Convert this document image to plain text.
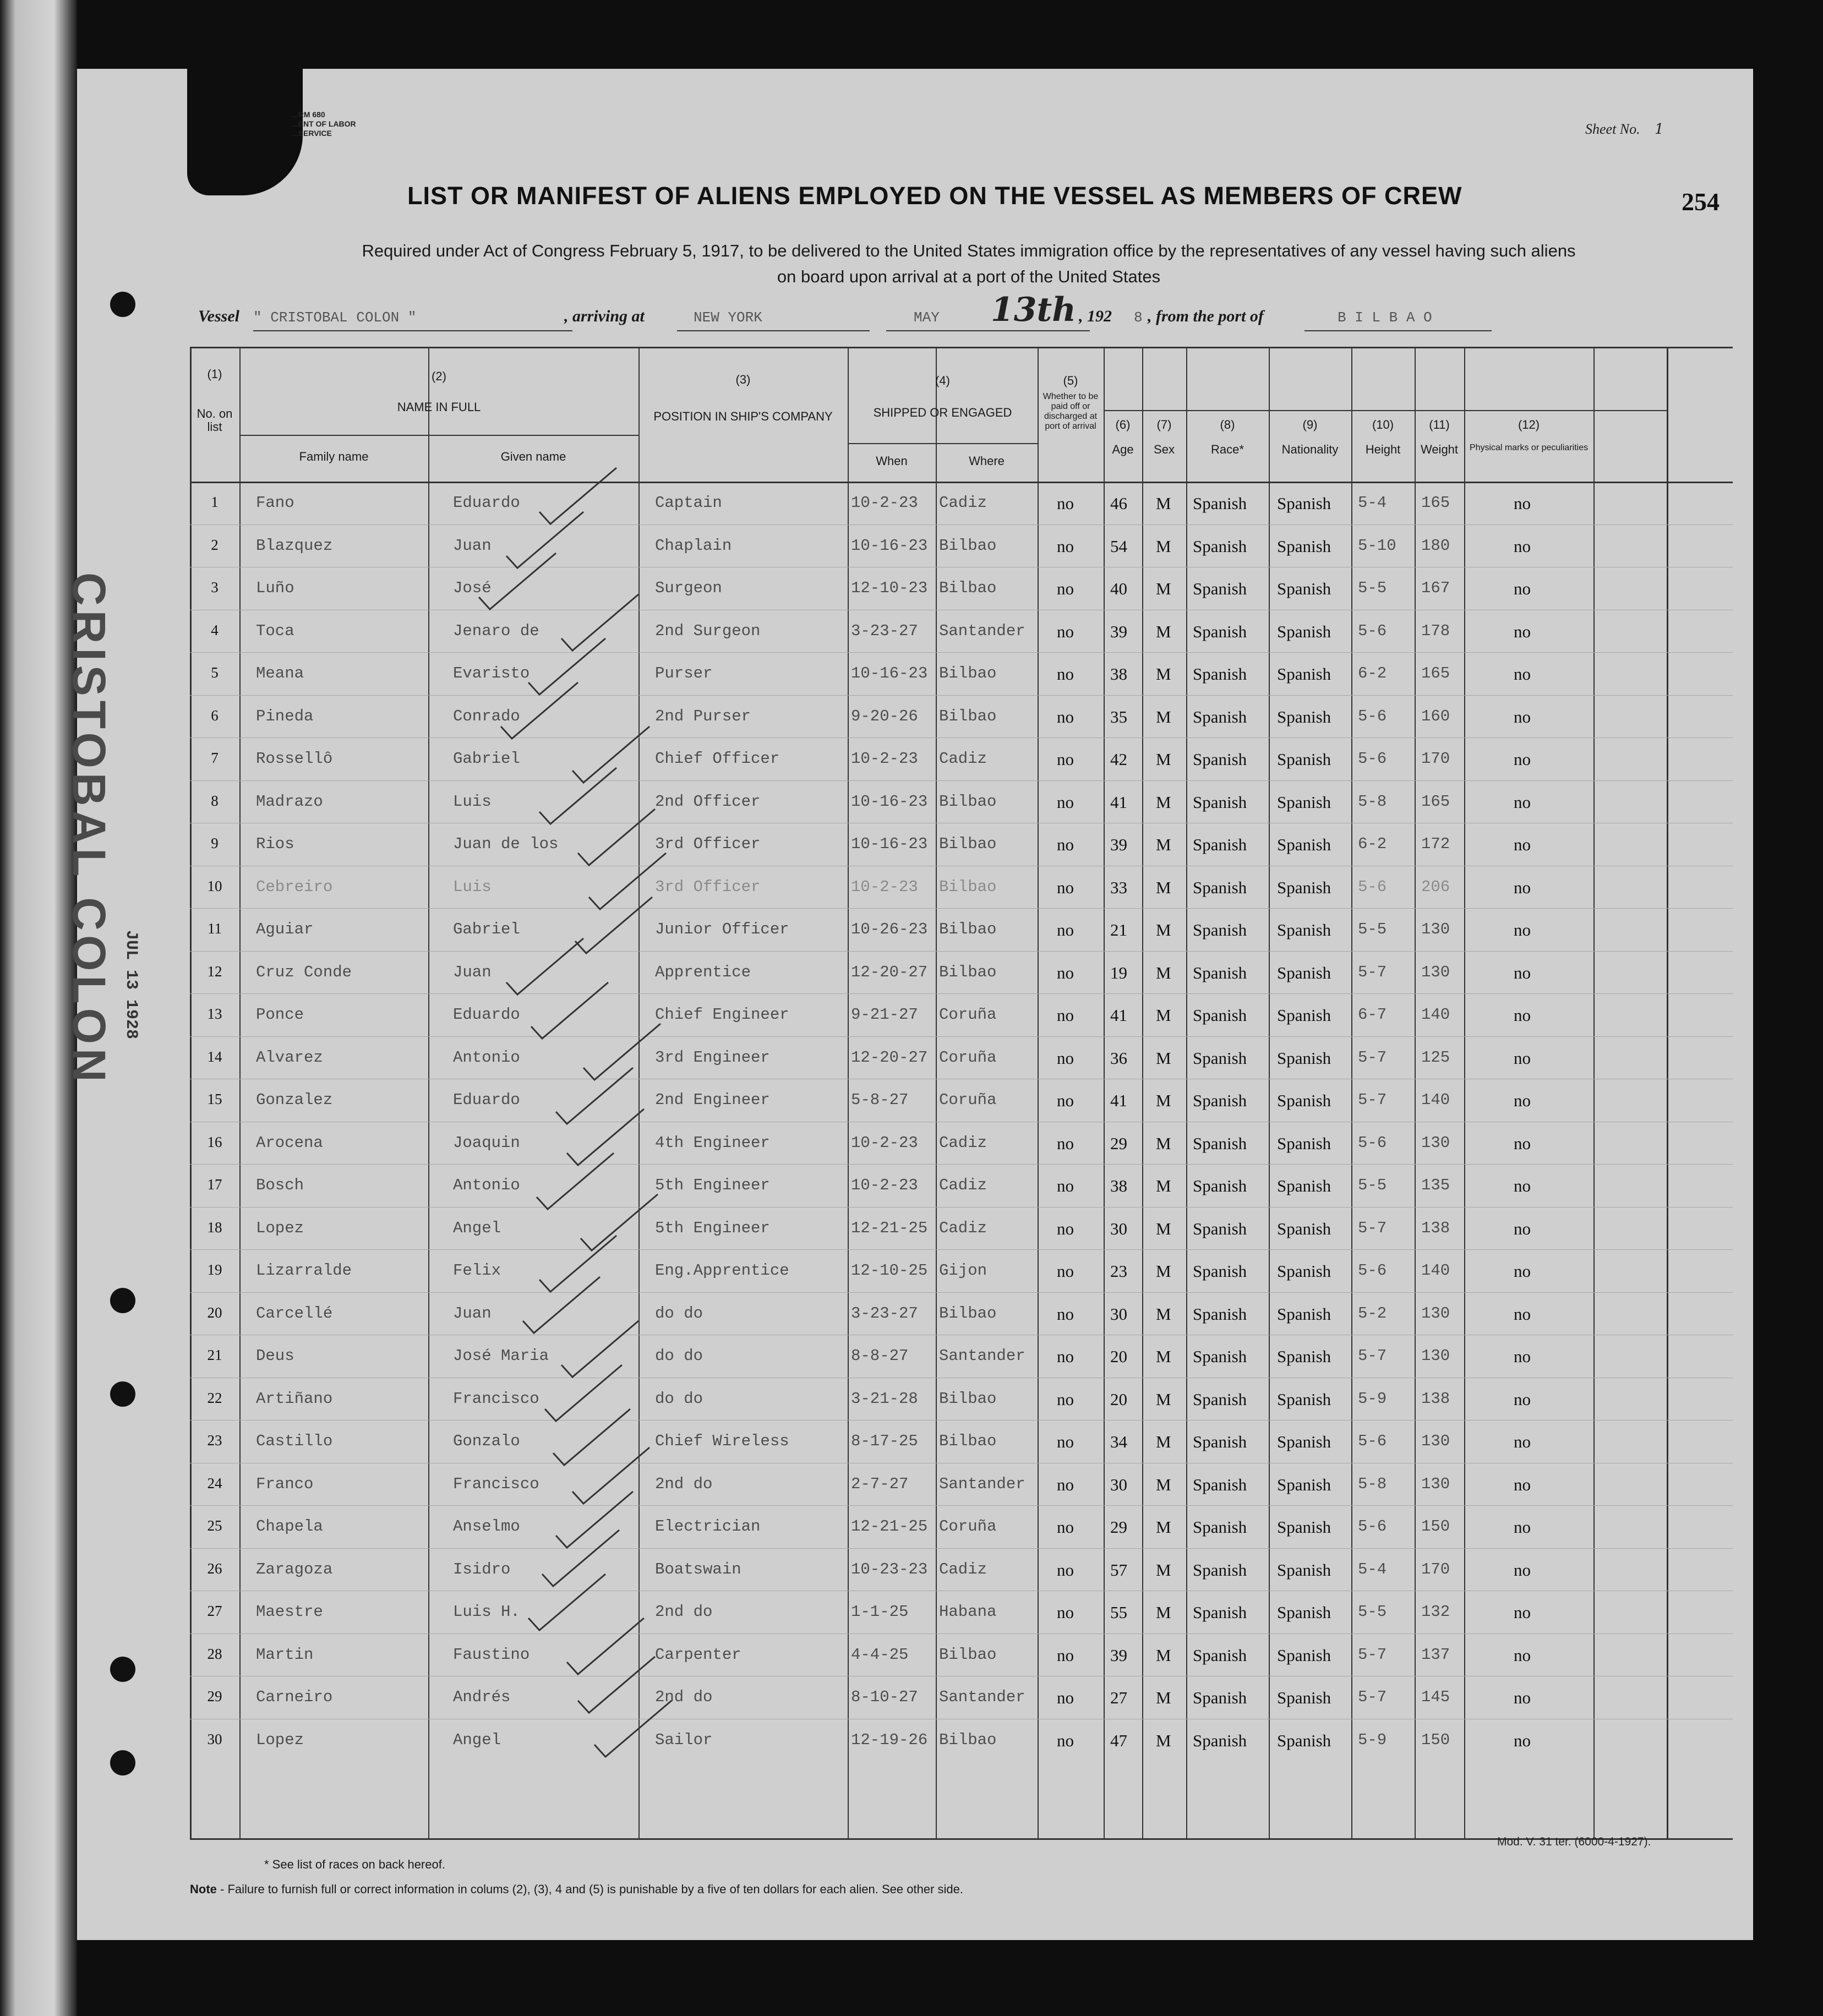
...RM 680
...ENT OF LABOR
...SERVICE	Sheet No. 1
254
LIST OR MANIFEST OF ALIENS EMPLOYED ON THE VESSEL AS MEMBERS OF CREW
Required under Act of Congress February 5, 1917, to be delivered to the United States immigration office by the representatives of any vessel having such aliens
on board upon arrival at a port of the United States
Vessel " CRISTOBAL COLON "	, arriving at	NEW YORK	MAY 13th , 192 8 , from the port of	B I L B A O
CRISTOBAL COLON JUL 13 1928
(1)
No. on list
(2)
NAME IN FULL
Family name	Given name
(3)
POSITION IN SHIP'S COMPANY
(4)
SHIPPED OR ENGAGED
When	Where
(5)
Whether to be paid off or discharged at port of arrival	(6)
Age
(7)
Sex
(8)
Race*
(9)
Nationality
(10)
Height
(11)
Weight
(12)
Physical marks or peculiarities
1	Fano	Eduardo	Captain	10-2-23 Cadiz	no 46 M Spanish Spanish 5-4 165	no
2	Blazquez	Juan	Chaplain	10-16-23 Bilbao	no 54 M Spanish Spanish 5-10 180	no
3	Luño	José	Surgeon	12-10-23 Bilbao	no 40 M Spanish Spanish 5-5 167	no
4	Toca	Jenaro de	2nd Surgeon	3-23-27 Santander no 39 M Spanish Spanish 5-6 178	no
5	Meana	Evaristo	Purser	10-16-23 Bilbao	no 38 M Spanish Spanish 6-2 165	no
6	Pineda	Conrado	2nd Purser	9-20-26 Bilbao	no 35 M Spanish Spanish 5-6 160	no
7	Rossellô	Gabriel	Chief Officer	10-2-23 Cadiz	no 42 M Spanish Spanish 5-6 170	no
8	Madrazo	Luis	2nd Officer	10-16-23 Bilbao	no 41 M Spanish Spanish 5-8 165	no
9	Rios	Juan de los	3rd Officer	10-16-23 Bilbao	no 39 M Spanish Spanish 6-2 172	no
10 Cebreiro	Luis	3rd Officer	10-2-23 Bilbao	no 33 M Spanish Spanish 5-6 206	no
11 Aguiar	Gabriel	Junior Officer	10-26-23 Bilbao	no 21 M Spanish Spanish 5-5 130	no
12 Cruz Conde	Juan	Apprentice	12-20-27 Bilbao	no 19 M Spanish Spanish 5-7 130	no
13 Ponce	Eduardo	Chief Engineer	9-21-27 Coruña	no 41 M Spanish Spanish 6-7 140	no
14 Alvarez	Antonio	3rd Engineer	12-20-27 Coruña	no 36 M Spanish Spanish 5-7 125	no
15 Gonzalez	Eduardo	2nd Engineer	5-8-27 Coruña	no 41 M Spanish Spanish 5-7 140	no
16 Arocena	Joaquin	4th Engineer	10-2-23 Cadiz	no 29 M Spanish Spanish 5-6 130	no
17 Bosch	Antonio	5th Engineer	10-2-23 Cadiz	no 38 M Spanish Spanish 5-5 135	no
18 Lopez	Angel	5th Engineer	12-21-25 Cadiz	no 30 M Spanish Spanish 5-7 138	no
19 Lizarralde	Felix	Eng.Apprentice	12-10-25 Gijon	no 23 M Spanish Spanish 5-6 140	no
20 Carcellé	Juan	do do	3-23-27 Bilbao	no 30 M Spanish Spanish 5-2 130	no
21 Deus	José Maria	do do	8-8-27 Santander no 20 M Spanish Spanish 5-7 130	no
22 Artiñano	Francisco	do do	3-21-28 Bilbao	no 20 M Spanish Spanish 5-9 138	no
23 Castillo	Gonzalo	Chief Wireless	8-17-25 Bilbao	no 34 M Spanish Spanish 5-6 130	no
24 Franco	Francisco	2nd do	2-7-27 Santander no 30 M Spanish Spanish 5-8 130	no
25 Chapela	Anselmo	Electrician	12-21-25 Coruña	no 29 M Spanish Spanish 5-6 150	no
26 Zaragoza	Isidro	Boatswain	10-23-23 Cadiz	no 57 M Spanish Spanish 5-4 170	no
27 Maestre	Luis H.	2nd do	1-1-25 Habana	no 55 M Spanish Spanish 5-5 132	no
28 Martin	Faustino	Carpenter	4-4-25 Bilbao	no 39 M Spanish Spanish 5-7 137	no
29 Carneiro	Andrés	2nd do	8-10-27 Santander no 27 M Spanish Spanish 5-7 145	no
30 Lopez	Angel	Sailor	12-19-26 Bilbao	no 47 M Spanish Spanish 5-9 150	no
* See list of races on back hereof.
Note - Failure to furnish full or correct information in colums (2), (3), 4 and (5) is punishable by a five of ten dollars for each alien. See other side.
Mod. V. 31 ter. (6000-4-1927).
